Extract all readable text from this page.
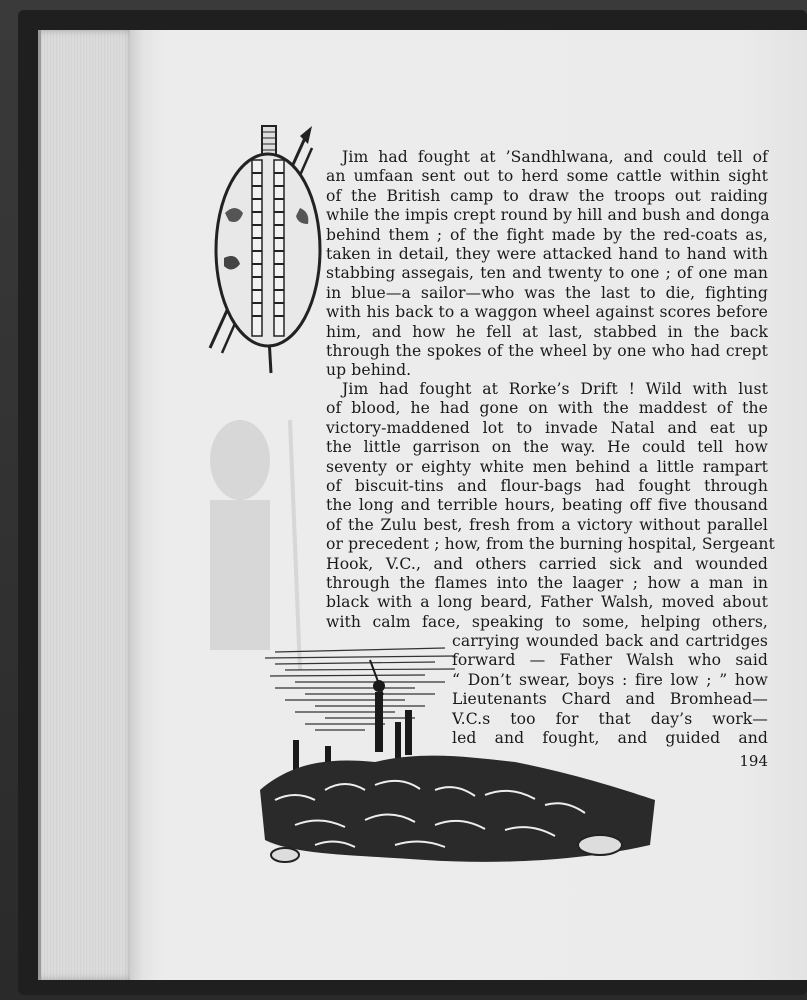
Jim had fought at ’Sandhlwana, and could tell of
an umfaan sent out to herd some cattle within sight
of the British camp to draw the troops out raiding
while the impis crept round by hill and bush and donga
behind them ; of the fight made by the red-coats as,
taken in detail, they were attacked hand to hand with
stabbing assegais, ten and twenty to one ; of one man
in blue—a sailor—who was the last to die, fighting
with his back to a waggon wheel against scores before
him, and how he fell at last, stabbed in the back
through the spokes of the wheel by one who had crept
up behind.
Jim had fought at Rorke’s Drift ! Wild with lust
of blood, he had gone on with the maddest of the
victory-maddened lot to invade Natal and eat up
the little garrison on the way. He could tell how
seventy or eighty white men behind a little rampart
of biscuit-tins and flour-bags had fought through
the long and terrible hours, beating off five thousand
of the Zulu best, fresh from a victory without parallel
or precedent ; how, from the burning hospital, Sergeant
Hook, V.C., and others carried sick and wounded
through the flames into the laager ; how a man in
black with a long beard, Father Walsh, moved about
with calm face, speaking to some, helping others,
carrying wounded back and cartridges
forward — Father Walsh who said
“ Don’t swear, boys : fire low ; ” how
Lieutenants Chard and Bromhead—
V.C.s too for that day’s work—
led and fought, and guided and
194
